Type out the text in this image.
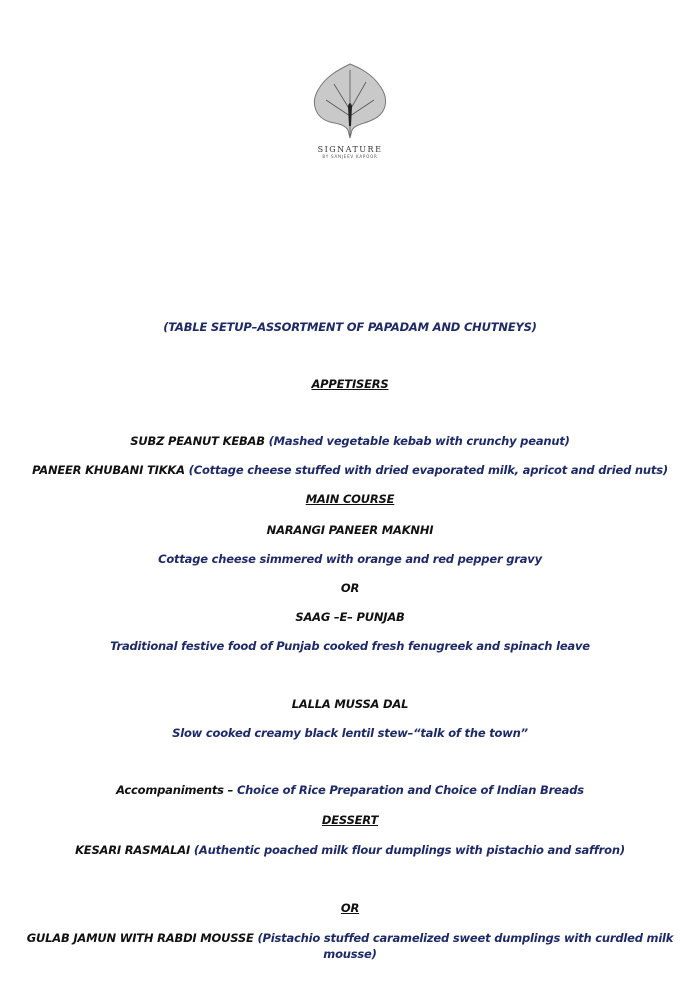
SIGNATURE
BY SANJEEV KAPOOR
(TABLE SETUP–ASSORTMENT OF PAPADAM AND CHUTNEYS)
APPETISERS
SUBZ PEANUT KEBAB (Mashed vegetable kebab with crunchy peanut)
PANEER KHUBANI TIKKA (Cottage cheese stuffed with dried evaporated milk, apricot and dried nuts)
MAIN COURSE
NARANGI PANEER MAKNHI
Cottage cheese simmered with orange and red pepper gravy
OR
SAAG –E– PUNJAB
Traditional festive food of Punjab cooked fresh fenugreek and spinach leave
LALLA MUSSA DAL
Slow cooked creamy black lentil stew–“talk of the town”
Accompaniments – Choice of Rice Preparation and Choice of Indian Breads
DESSERT
KESARI RASMALAI (Authentic poached milk flour dumplings with pistachio and saffron)
OR
GULAB JAMUN WITH RABDI MOUSSE (Pistachio stuffed caramelized sweet dumplings with curdled milk mousse)
